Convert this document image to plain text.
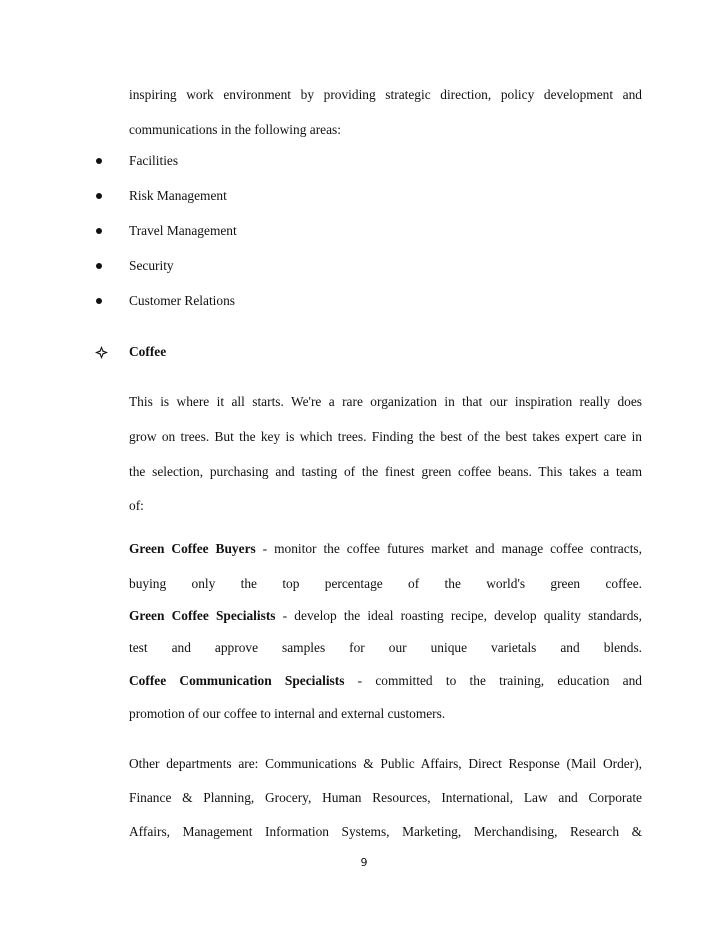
inspiring work environment by providing strategic direction, policy development and
communications in the following areas:
Facilities
Risk Management
Travel Management
Security
Customer Relations
Coffee
This is where it all starts. We're a rare organization in that our inspiration really does
grow on trees. But the key is which trees. Finding the best of the best takes expert care in
the selection, purchasing and tasting of the finest green coffee beans. This takes a team
of:
Green Coffee Buyers - monitor the coffee futures market and manage coffee contracts,
buying only the top percentage of the world's green coffee.
Green Coffee Specialists - develop the ideal roasting recipe, develop quality standards,
test and approve samples for our unique varietals and blends.
Coffee Communication Specialists - committed to the training, education and
promotion of our coffee to internal and external customers.
Other departments are: Communications & Public Affairs, Direct Response (Mail Order),
Finance & Planning, Grocery, Human Resources, International, Law and Corporate
Affairs, Management Information Systems, Marketing, Merchandising, Research &
9
